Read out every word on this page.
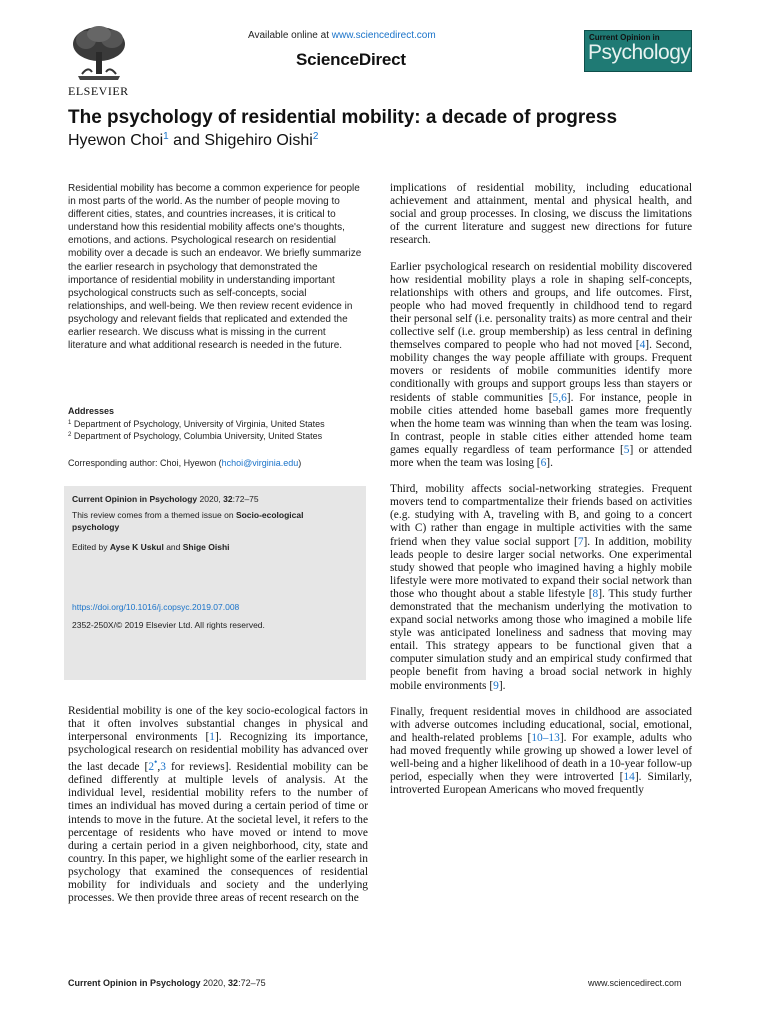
Available online at www.sciencedirect.com
ScienceDirect
ELSEVIER
Current Opinion in
Psychology
The psychology of residential mobility: a decade of progress
Hyewon Choi$^1$ and Shigehiro Oishi$^2$
Residential mobility has become a common experience for people in most parts of the world. As the number of people moving to different cities, states, and countries increases, it is critical to understand how this residential mobility affects one's thoughts, emotions, and actions. Psychological research on residential mobility over a decade is such an endeavor. We briefly summarize the earlier research in psychology that demonstrated the importance of residential mobility in understanding important psychological constructs such as self-concepts, social relationships, and well-being. We then review recent evidence in psychology and relevant fields that replicated and extended the earlier research. We discuss what is missing in the current literature and what additional research is needed in the future.
Addresses
$^1$ Department of Psychology, University of Virginia, United States
$^2$ Department of Psychology, Columbia University, United States
Corresponding author: Choi, Hyewon (hchoi@virginia.edu)
Current Opinion in Psychology 2020, 32:72–75
This review comes from a themed issue on Socio-ecological
psychology
Edited by Ayse K Uskul and Shige Oishi
https://doi.org/10.1016/j.copsyc.2019.07.008
2352-250X/© 2019 Elsevier Ltd. All rights reserved.
Residential mobility is one of the key socio-ecological factors in that it often involves substantial changes in physical and interpersonal environments [1]. Recognizing its importance, psychological research on residential mobility has advanced over the last decade [2•,3 for reviews]. Residential mobility can be defined differently at multiple levels of analysis. At the individual level, residential mobility refers to the number of times an individual has moved during a certain period of time or intends to move in the future. At the societal level, it refers to the percentage of residents who have moved or intend to move during a certain period in a given neighborhood, city, state and country. In this paper, we highlight some of the earlier research in psychology that examined the consequences of residential mobility for individuals and society and the underlying processes. We then provide three areas of recent research on the

implications of residential mobility, including educational achievement and attainment, mental and physical health, and social and group processes. In closing, we discuss the limitations of the current literature and suggest new directions for future research.

Earlier psychological research on residential mobility discovered how residential mobility plays a role in shaping self-concepts, relationships with others and groups, and life outcomes. First, people who had moved frequently in childhood tend to regard their personal self (i.e. personality traits) as more central and their collective self (i.e. group membership) as less central in defining themselves compared to people who had not moved [4]. Second, mobility changes the way people affiliate with groups. Frequent movers or residents of mobile communities identify more conditionally with groups and support groups less than stayers or residents of stable communities [5,6]. For instance, people in mobile cities attended home baseball games more frequently when the home team was winning than when the team was losing. In contrast, people in stable cities either attended home team games equally regardless of team performance [5] or attended more when the team was losing [6].

Third, mobility affects social-networking strategies. Frequent movers tend to compartmentalize their friends based on activities (e.g. studying with A, traveling with B, and going to a concert with C) rather than engage in multiple activities with the same friend when they value social support [7]. In addition, mobility leads people to desire larger social networks. One experimental study showed that people who imagined having a highly mobile lifestyle were more motivated to expand their social network than those who thought about a stable lifestyle [8]. This study further demonstrated that the mechanism underlying the motivation to expand social networks among those who imagined a mobile life style was anticipated loneliness and sadness that moving may entail. This strategy appears to be functional given that a computer simulation study and an empirical study confirmed that people benefit from having a broad social network in highly mobile environments [9].

Finally, frequent residential moves in childhood are associated with adverse outcomes including educational, social, emotional, and health-related problems [10–13]. For example, adults who had moved frequently while growing up showed a lower level of well-being and a higher likelihood of death in a 10-year follow-up period, especially when they were introverted [14]. Similarly, introverted European Americans who moved frequently

Current Opinion in Psychology 2020, 32:72–75	www.sciencedirect.com
